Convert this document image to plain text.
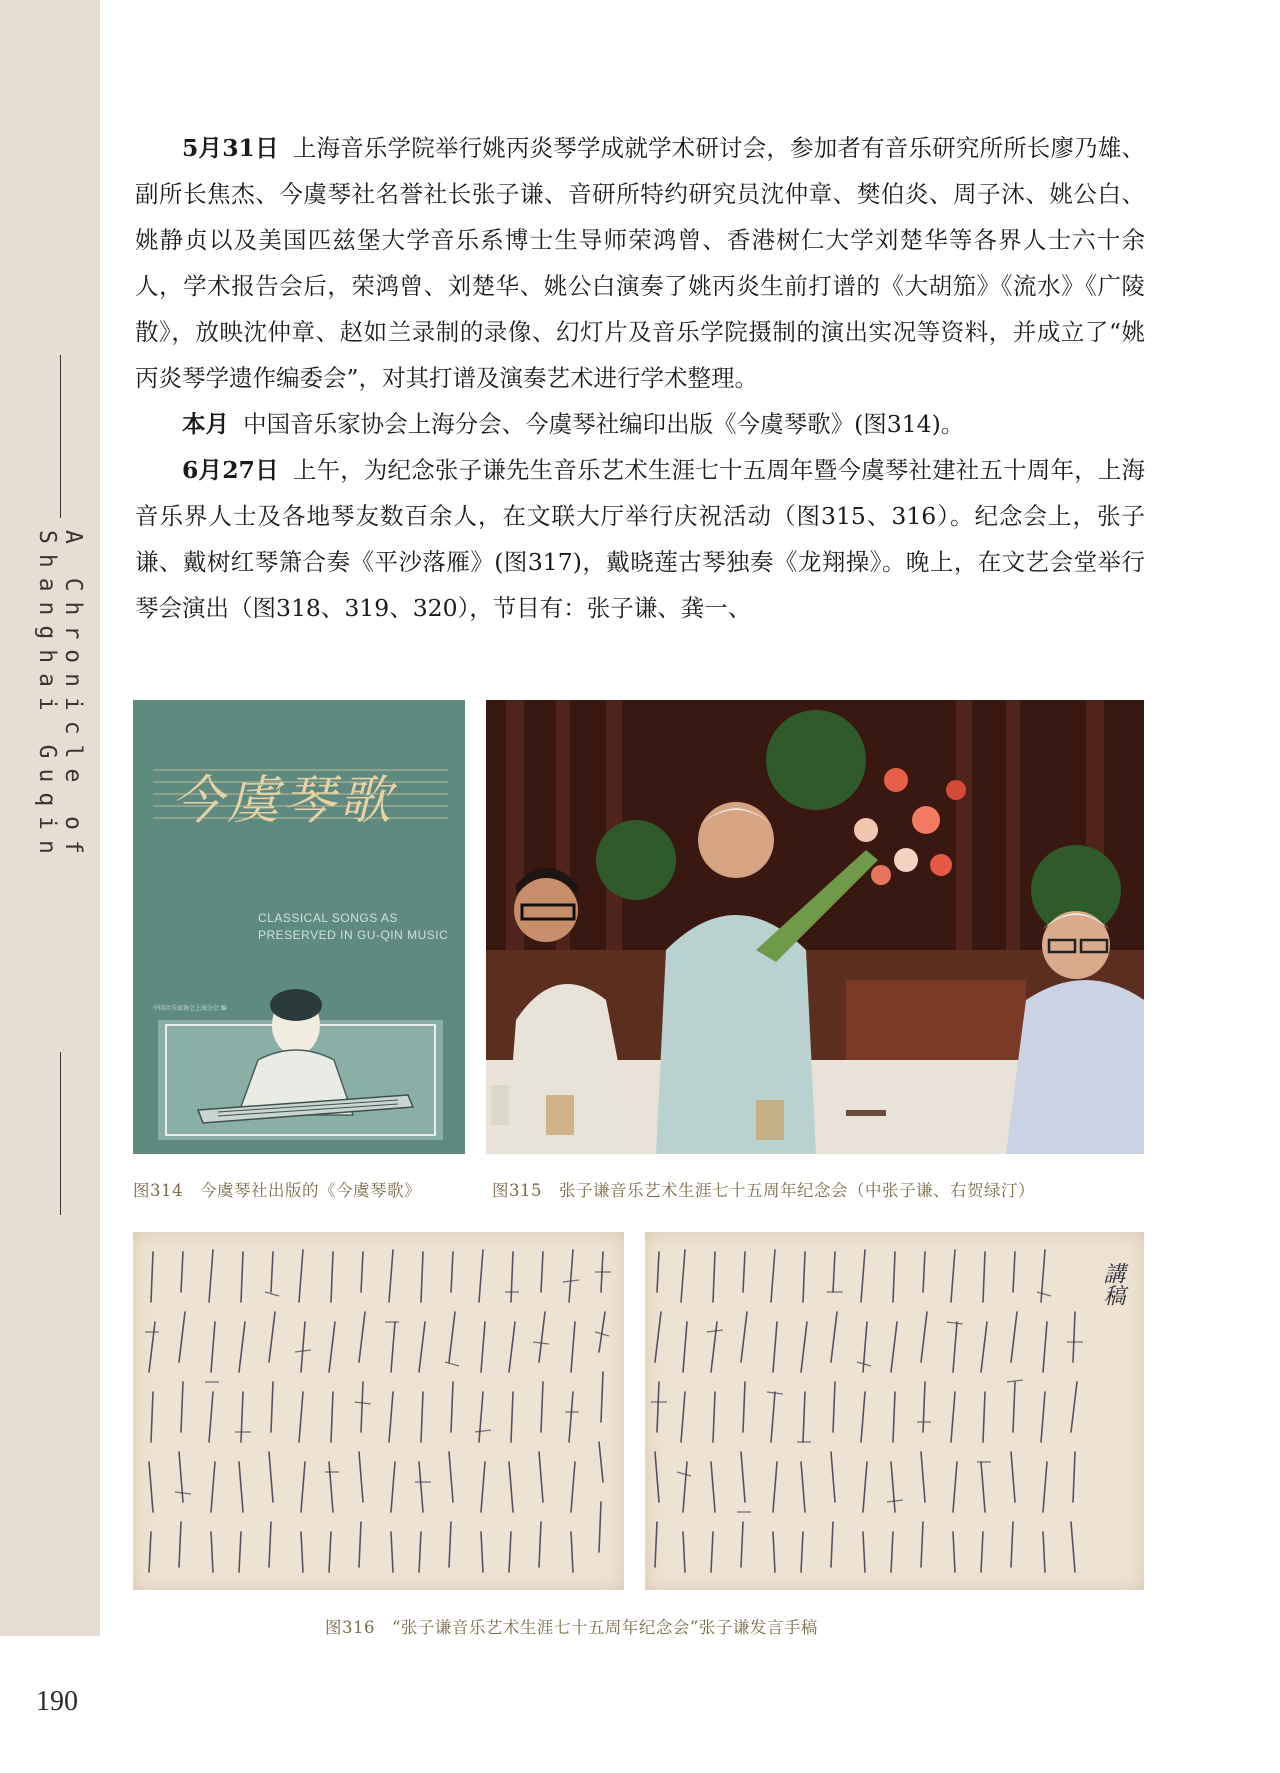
A Chronicle of Shanghai Guqin

5月31日 上海音乐学院举行姚丙炎琴学成就学术研讨会，参加者有音乐研究所所长廖乃雄、副所长焦杰、今虞琴社名誉社长张子谦、音研所特约研究员沈仲章、樊伯炎、周子沐、姚公白、姚静贞以及美国匹兹堡大学音乐系博士生导师荣鸿曾、香港树仁大学刘楚华等各界人士六十余人，学术报告会后，荣鸿曾、刘楚华、姚公白演奏了姚丙炎生前打谱的《大胡笳》《流水》《广陵散》，放映沈仲章、赵如兰录制的录像、幻灯片及音乐学院摄制的演出实况等资料，并成立了“姚丙炎琴学遗作编委会”，对其打谱及演奏艺术进行学术整理。

本月 中国音乐家协会上海分会、今虞琴社编印出版《今虞琴歌》(图314)。

6月27日 上午，为纪念张子谦先生音乐艺术生涯七十五周年暨今虞琴社建社五十周年，上海音乐界人士及各地琴友数百余人，在文联大厅举行庆祝活动（图315、316）。纪念会上，张子谦、戴树红琴箫合奏《平沙落雁》(图317)，戴晓莲古琴独奏《龙翔操》。晚上，在文艺会堂举行琴会演出（图318、319、320），节目有：张子谦、龚一、

今虞琴歌
CLASSICAL SONGS AS PRESERVED IN GU-QIN MUSIC
中国音乐家协会上海分会 编
图314　今虞琴社出版的《今虞琴歌》	图315　张子谦音乐艺术生涯七十五周年纪念会（中张子谦、右贺绿汀）
講稿
图316　“张子谦音乐艺术生涯七十五周年纪念会”张子谦发言手稿
190
